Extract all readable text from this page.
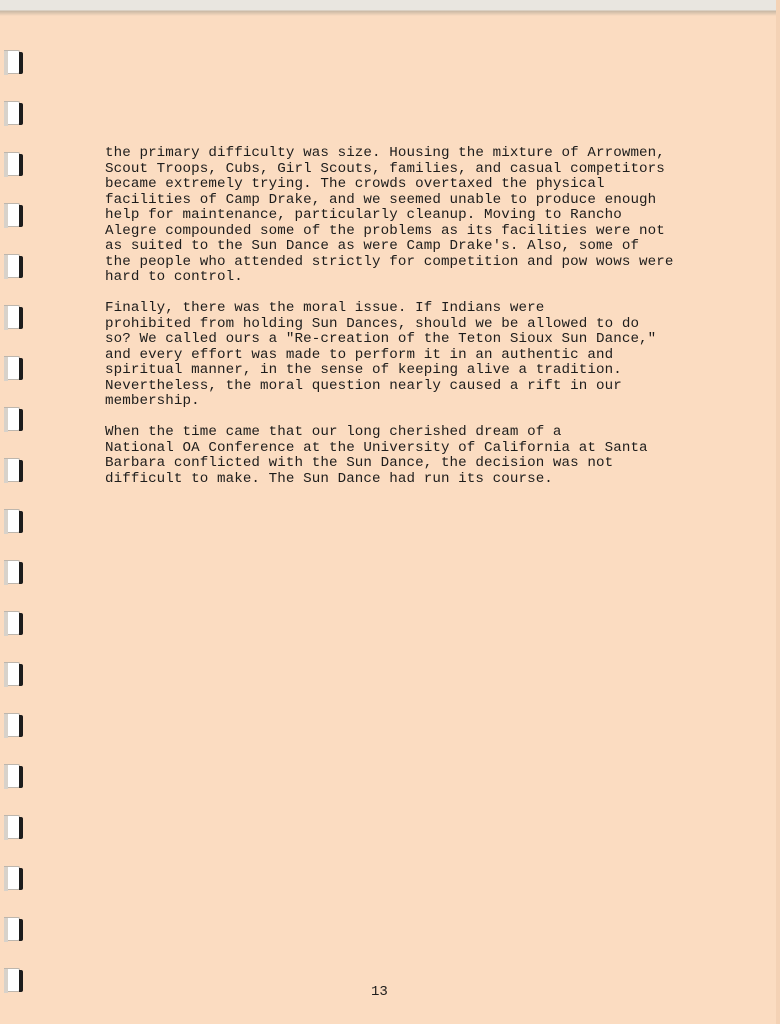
the primary difficulty was size. Housing the mixture of Arrowmen,
Scout Troops, Cubs, Girl Scouts, families, and casual competitors
became extremely trying. The crowds overtaxed the physical
facilities of Camp Drake, and we seemed unable to produce enough
help for maintenance, particularly cleanup. Moving to Rancho
Alegre compounded some of the problems as its facilities were not
as suited to the Sun Dance as were Camp Drake's. Also, some of
the people who attended strictly for competition and pow wows were
hard to control.

Finally, there was the moral issue. If Indians were
prohibited from holding Sun Dances, should we be allowed to do
so? We called ours a "Re-creation of the Teton Sioux Sun Dance,"
and every effort was made to perform it in an authentic and
spiritual manner, in the sense of keeping alive a tradition.
Nevertheless, the moral question nearly caused a rift in our
membership.

When the time came that our long cherished dream of a
National OA Conference at the University of California at Santa
Barbara conflicted with the Sun Dance, the decision was not
difficult to make. The Sun Dance had run its course.

13
